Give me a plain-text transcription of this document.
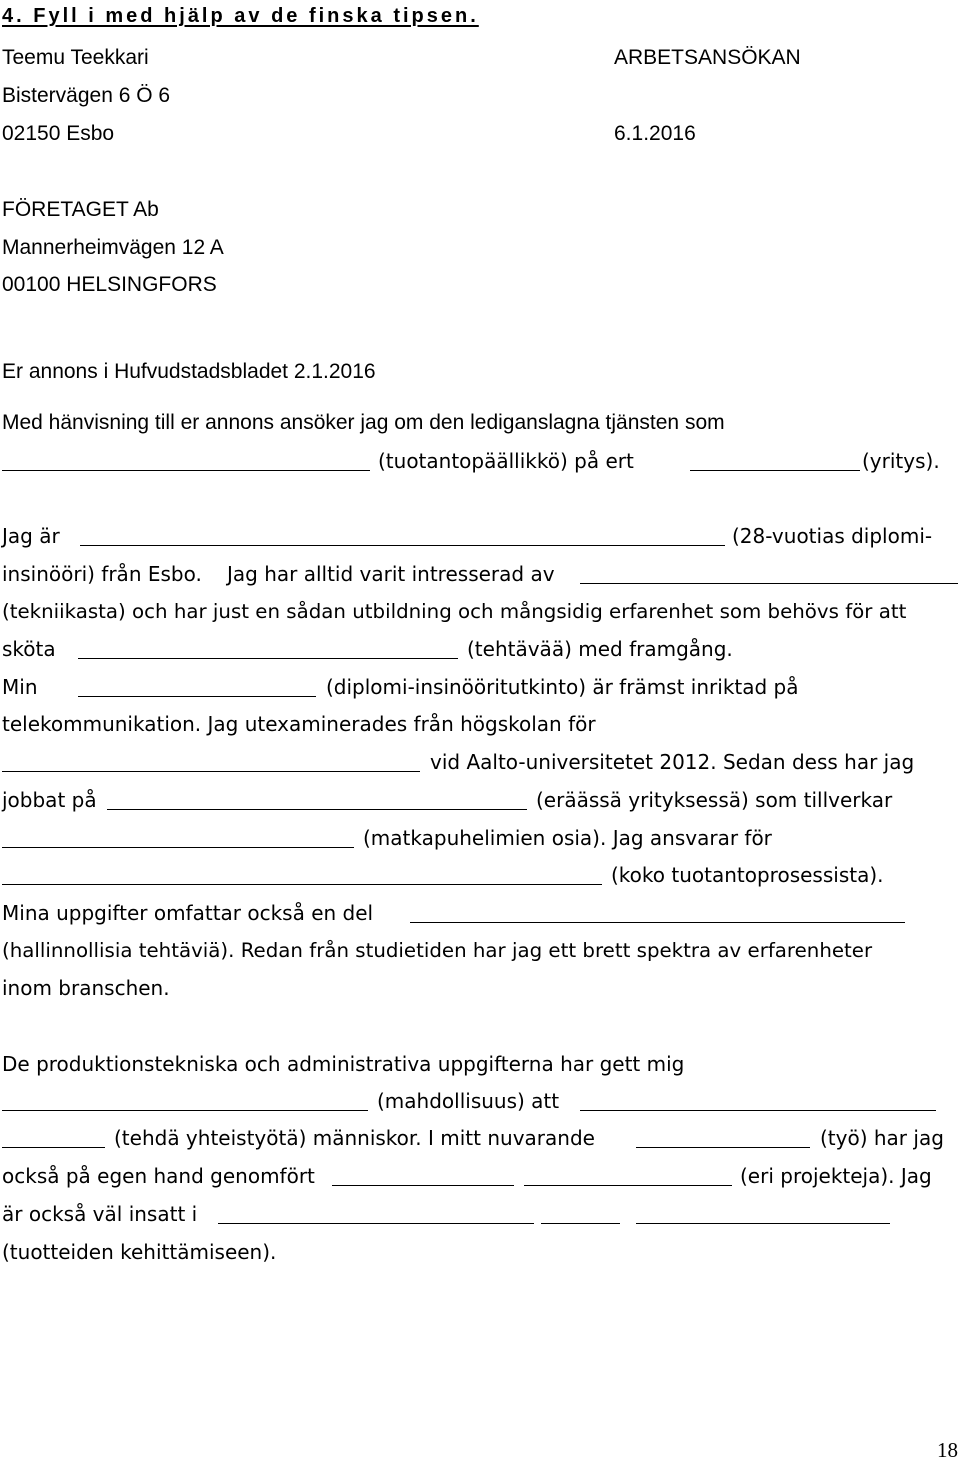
4. Fyll i med hjälp av de finska tipsen.
Teemu Teekkari
Bistervägen 6 Ö 6
02150 Esbo
ARBETSANSÖKAN
6.1.2016
FÖRETAGET Ab
Mannerheimvägen 12 A
00100 HELSINGFORS
Er annons i Hufvudstadsbladet 2.1.2016
Med hänvisning till er annons ansöker jag om den lediganslagna tjänsten som
(tuotantopäällikkö) på ert	(yritys).
Jag är	(28-vuotias diplomi-
insinööri) från Esbo. Jag har alltid varit intresserad av
(tekniikasta) och har just en sådan utbildning och mångsidig erfarenhet som behövs för att
sköta	(tehtävää) med framgång.
Min	(diplomi-insinööritutkinto) är främst inriktad på
telekommunikation. Jag utexaminerades från högskolan för
vid Aalto-universitetet 2012. Sedan dess har jag
jobbat på	(eräässä yrityksessä) som tillverkar
(matkapuhelimien osia). Jag ansvarar för
(koko tuotantoprosessista).
Mina uppgifter omfattar också en del
(hallinnollisia tehtäviä). Redan från studietiden har jag ett brett spektra av erfarenheter
inom branschen.
De produktionstekniska och administrativa uppgifterna har gett mig
(mahdollisuus) att
(tehdä yhteistyötä) människor. I mitt nuvarande	(työ) har jag
också på egen hand genomfört	(eri projekteja). Jag
är också väl insatt i
(tuotteiden kehittämiseen).
18
